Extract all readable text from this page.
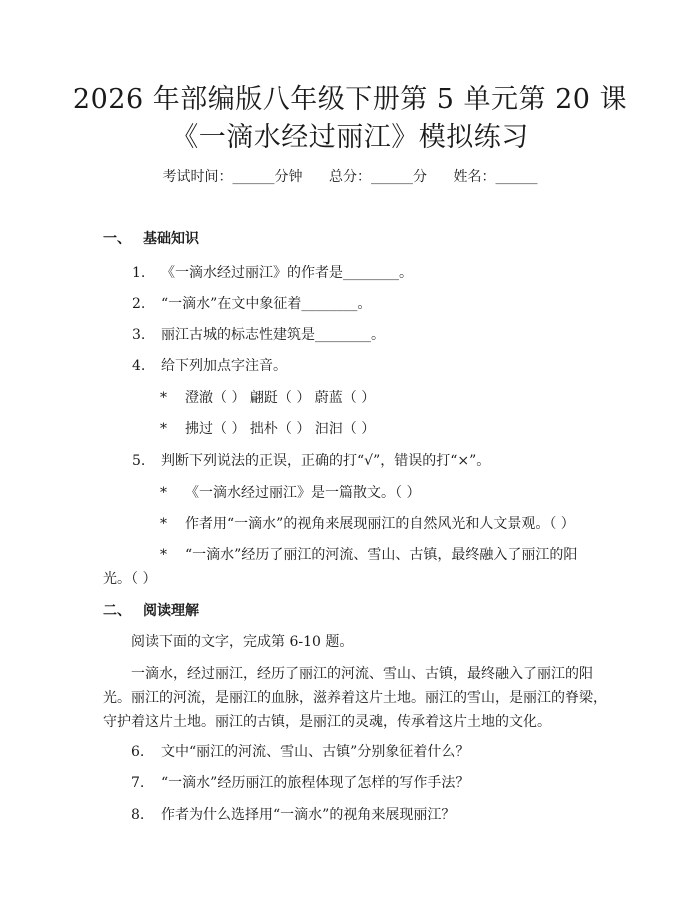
2026 年部编版八年级下册第 5 单元第 20 课
《一滴水经过丽江》模拟练习
考试时间：______分钟 总分：______分 姓名：______
一、 基础知识
1. 《一滴水经过丽江》的作者是________。
2. “一滴水”在文中象征着________。
3. 丽江古城的标志性建筑是________。
4. 给下列加点字注音。
* 澄澈（ ） 翩跹（ ） 蔚蓝（ ）
* 拂过（ ） 拙朴（ ） 汩汩（ ）
5. 判断下列说法的正误，正确的打“√”，错误的打“×”。
* 《一滴水经过丽江》是一篇散文。（ ）
* 作者用“一滴水”的视角来展现丽江的自然风光和人文景观。（ ）
* “一滴水”经历了丽江的河流、雪山、古镇，最终融入了丽江的阳
光。（ ）
二、 阅读理解
阅读下面的文字，完成第 6-10 题。
一滴水，经过丽江，经历了丽江的河流、雪山、古镇，最终融入了丽江的阳
光。丽江的河流，是丽江的血脉，滋养着这片土地。丽江的雪山，是丽江的脊梁，
守护着这片土地。丽江的古镇，是丽江的灵魂，传承着这片土地的文化。
6. 文中“丽江的河流、雪山、古镇”分别象征着什么？
7. “一滴水”经历丽江的旅程体现了怎样的写作手法？
8. 作者为什么选择用“一滴水”的视角来展现丽江？
